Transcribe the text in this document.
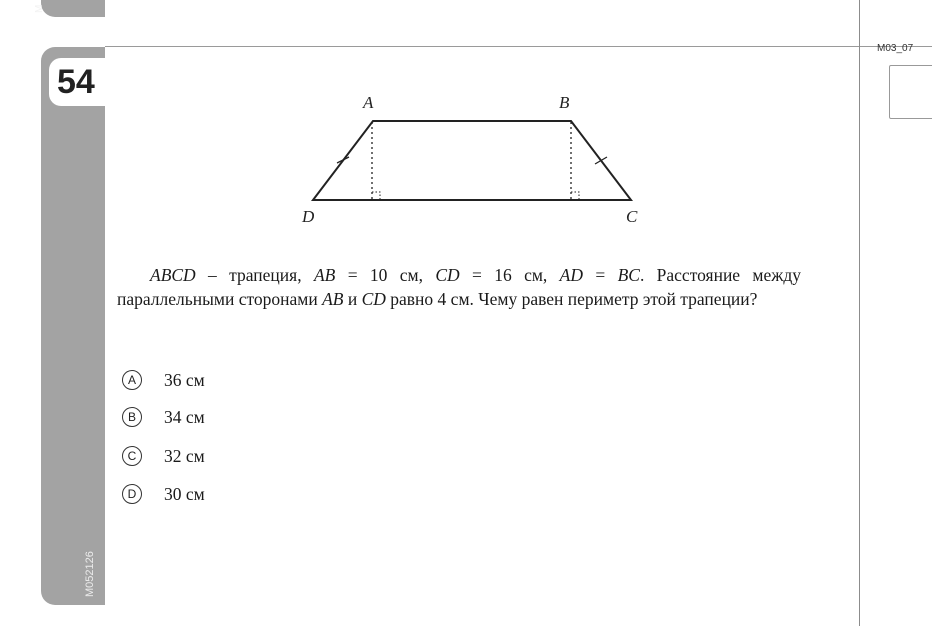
M
M03_07
54
M052126
A	B
D	C

ABCD – трапеция, AB = 10 см, CD = 16 см, AD = BC. Расстояние между параллельными сторонами AB и CD равно 4 см. Чему равен периметр этой трапеции?

A	36 см
B	34 см
C	32 см
D	30 см
